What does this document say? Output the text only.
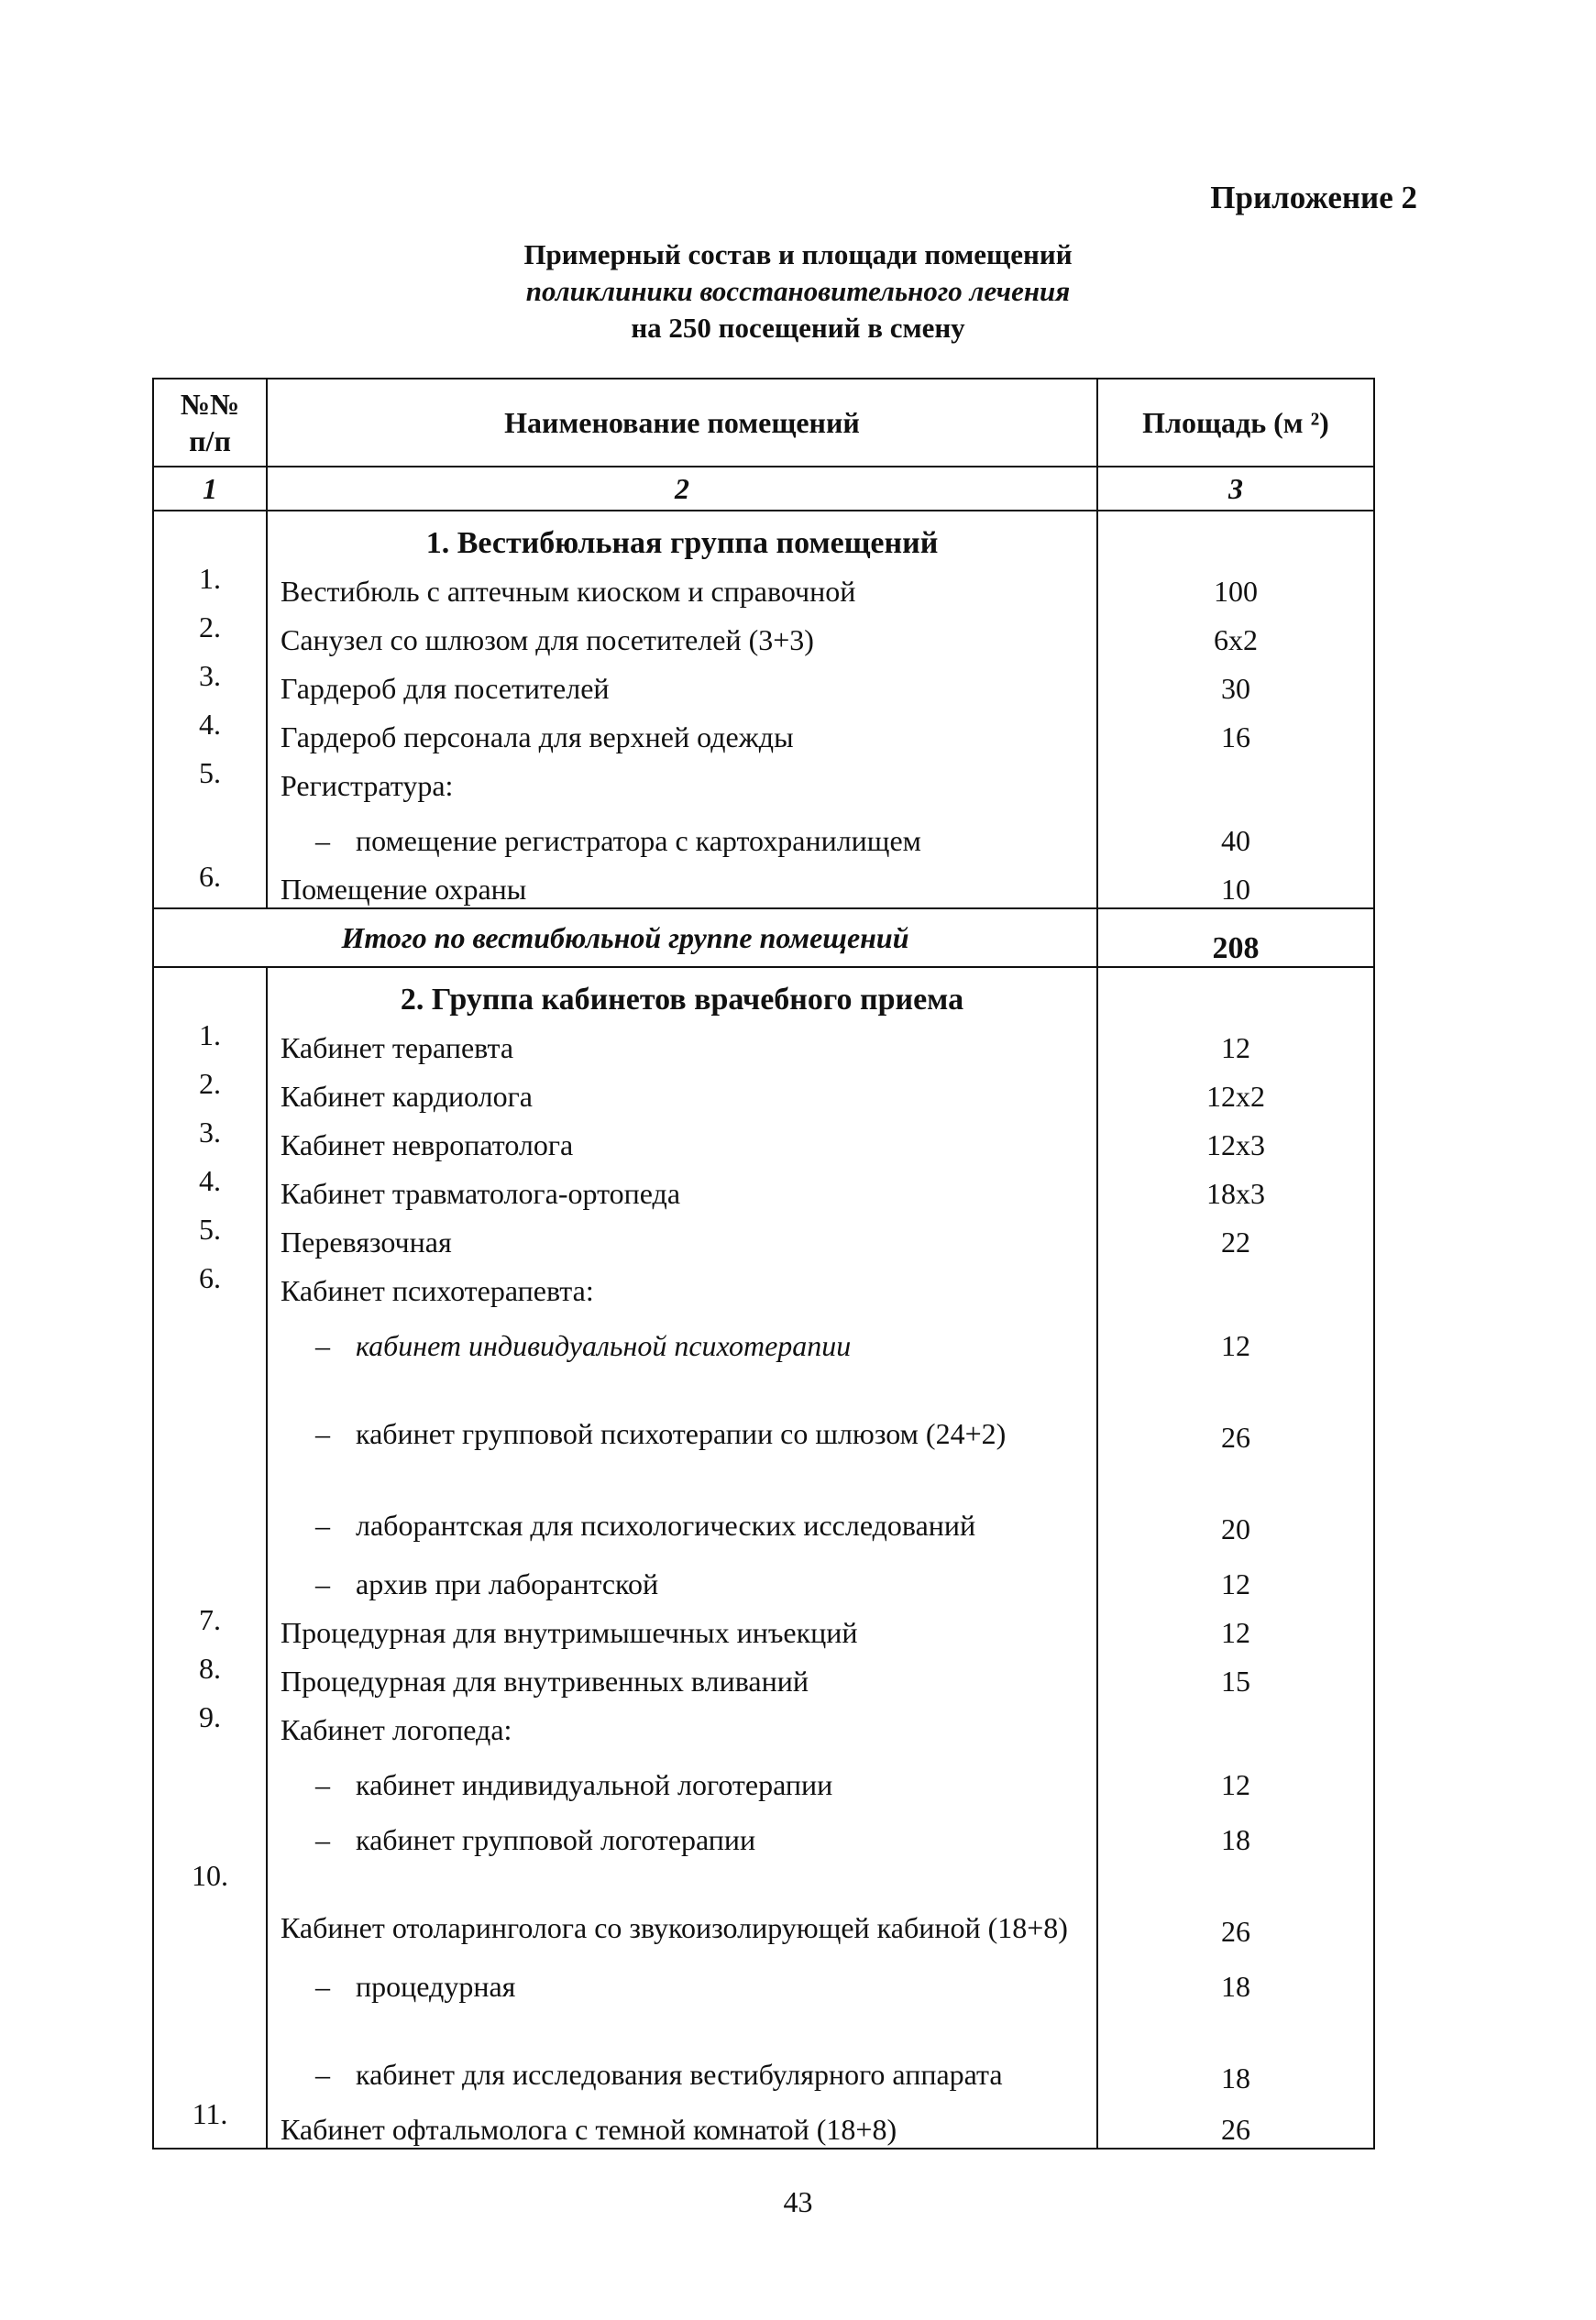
Приложение 2
Примерный состав и площади помещений
поликлиники восстановительного лечения
на 250 посещений в смену
№№
п/п	Наименование помещений	Площадь (м ²)
1	2	3
	1. Вестибюльная группа помещений	
1.	Вестибюль с аптечным киоском и справочной	100
2.	Санузел со шлюзом для посетителей (3+3)	6x2
3.	Гардероб для посетителей	30
4.	Гардероб персонала для верхней одежды	16
5.	Регистратура:	
	– помещение регистратора с картохранилищем	40
6.	Помещение охраны	10
Итого по вестибюльной группе помещений		208
	2. Группа кабинетов врачебного приема	
1.	Кабинет терапевта	12
2.	Кабинет кардиолога	12x2
3.	Кабинет невропатолога	12x3
4.	Кабинет травматолога-ортопеда	18x3
5.	Перевязочная	22
6.	Кабинет психотерапевта:	
	– кабинет индивидуальной психотерапии	12
	– кабинет групповой психотерапии со шлюзом (24+2)	26
	– лаборантская для психологических исследований	20
	– архив при лаборантской	12
7.	Процедурная для внутримышечных инъекций	12
8.	Процедурная для внутривенных вливаний	15
9.	Кабинет логопеда:	
	– кабинет индивидуальной логотерапии	12
	– кабинет групповой логотерапии	18
10.	Кабинет отоларинголога со звукоизолирующей кабиной (18+8)	26
	– процедурная	18
	– кабинет для исследования вестибулярного аппарата	18
11.	Кабинет офтальмолога с темной комнатой (18+8)	26
43
